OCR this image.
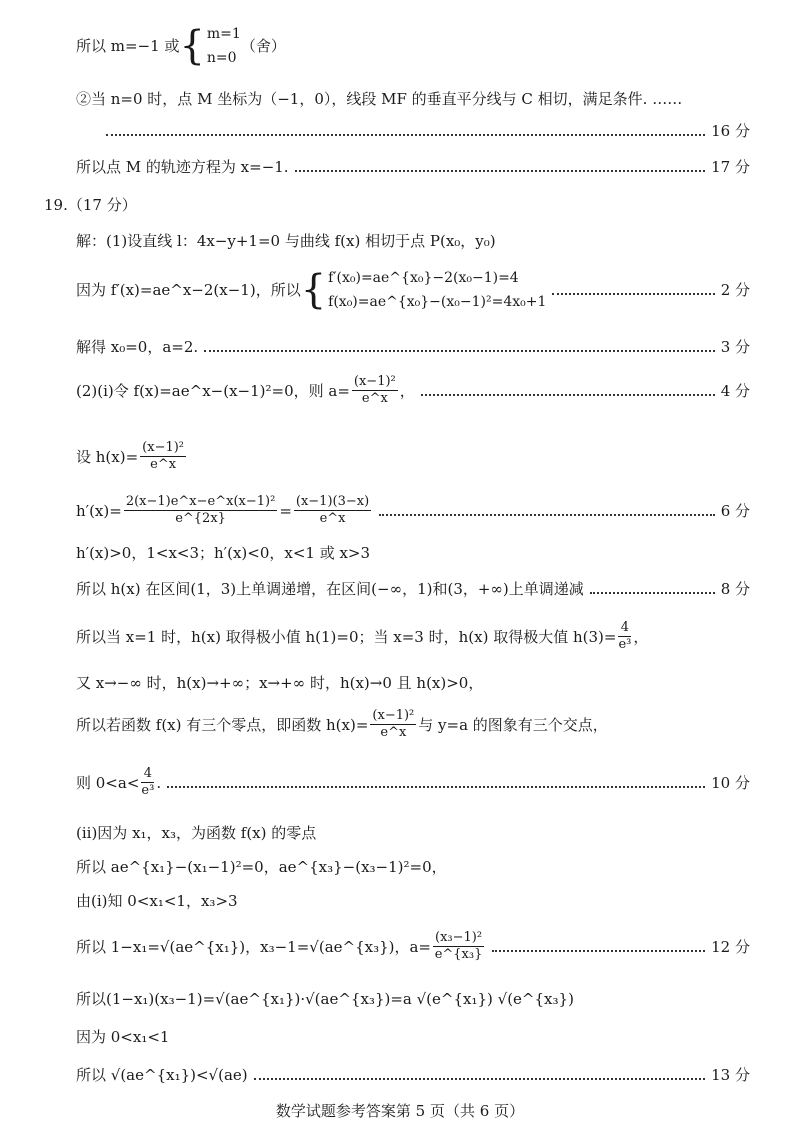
所以 m=−1 或 { m=1
n=0
（舍）
②当 n=0 时，点 M 坐标为（−1，0），线段 MF 的垂直平分线与 C 相切，满足条件. ……
16 分
所以点 M 的轨迹方程为 x=−1.	17 分
19.（17 分）
解：(1)设直线 l：4x−y+1=0 与曲线 f(x) 相切于点 P(x₀，y₀)
因为 f′(x)=ae^x−2(x−1)，所以 { f′(x₀)=ae^{x₀}−2(x₀−1)=4
f(x₀)=ae^{x₀}−(x₀−1)²=4x₀+1
2 分
解得 x₀=0，a=2.	3 分
(2)(i)令 f(x)=ae^x−(x−1)²=0，则 $a= \frac{\text{(x−1)²}}{e\^{}x}$ ，	4 分
设 $h(x)= \frac{\text{(x−1)²}}{e\^{}x}$
$h'(x)= \frac{\text{2(x−1)e\textasciicircum{}x−e\textasciicircum{}x(x−1)²}}{e\^{}\{2x\}} = \frac{(x-1)(3-x)}{e\^{}x}$	6 分
h′(x)>0，1<x<3；h′(x)<0，x<1 或 x>3
所以 h(x) 在区间(1，3)上单调递增，在区间(−∞，1)和(3，+∞)上单调递减	8 分
所以当 x=1 时，h(x) 取得极小值 h(1)=0；当 x=3 时，h(x) 取得极大值 $h(3)= \frac{4}{\text{e³}}$ ，
又 x→−∞ 时，h(x)→+∞；x→+∞ 时，h(x)→0 且 h(x)>0，
所以若函数 f(x) 有三个零点，即函数 $h(x)= \frac{\text{(x−1)²}}{e\^{}x}$ 与 y=a 的图象有三个交点，
则 $0<a< \frac{4}{\text{e³}}$ .	10 分
(ii)因为 x₁，x₃，为函数 f(x) 的零点
所以 ae^{x₁}−(x₁−1)²=0，ae^{x₃}−(x₃−1)²=0，
由(i)知 0<x₁<1，x₃>3
所以 1−x₁=√(ae^{x₁})，x₃−1=√(ae^{x₃})，$a= \frac{\text{(x₃−1)²}}{\text{e\textasciicircum{}\{x₃\}}}$	12 分
所以(1−x₁)(x₃−1)=√(ae^{x₁})·√(ae^{x₃})=a √(e^{x₁}) √(e^{x₃})
因为 0<x₁<1
所以 √(ae^{x₁})<√(ae)	13 分
数学试题参考答案第 5 页（共 6 页）
